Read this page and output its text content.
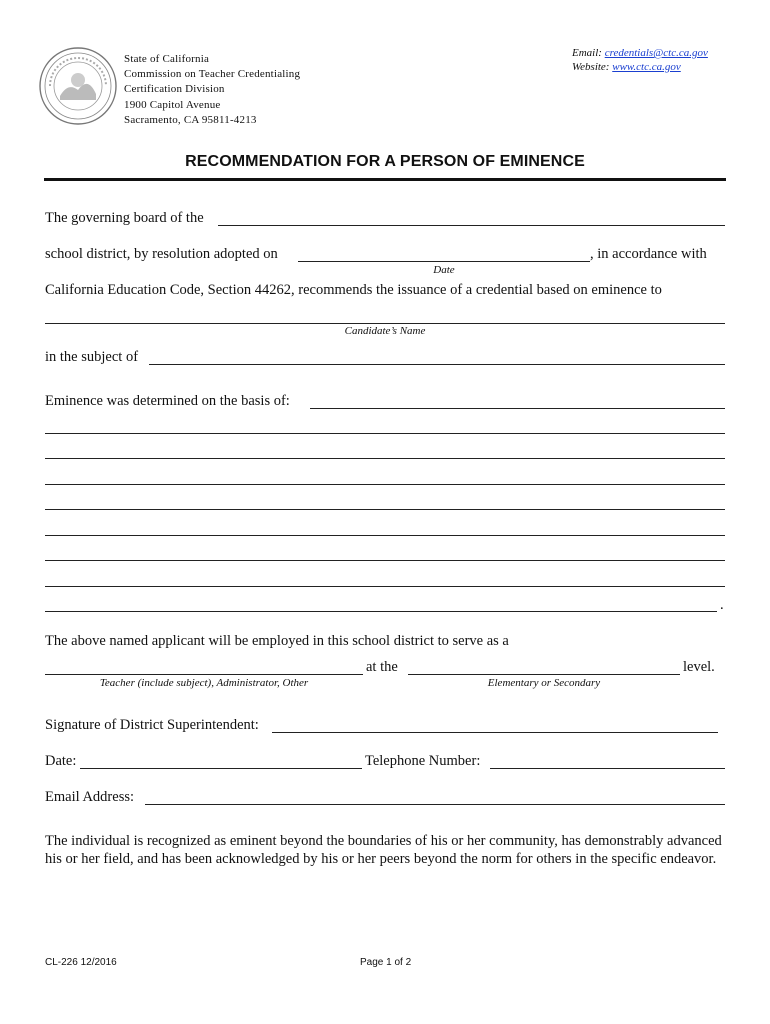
State of California
Commission on Teacher Credentialing
Certification Division
1900 Capitol Avenue
Sacramento, CA 95811-4213
Email: credentials@ctc.ca.gov
Website: www.ctc.ca.gov
RECOMMENDATION FOR A PERSON OF EMINENCE
The governing board of the
school district, by resolution adopted on	, in accordance with
Date
California Education Code, Section 44262, recommends the issuance of a credential based on eminence to
Candidate’s Name
in the subject of
Eminence was determined on the basis of:
.
The above named applicant will be employed in this school district to serve as a
at the	level.
Teacher (include subject), Administrator, Other	Elementary or Secondary
Signature of District Superintendent:
Date:	Telephone Number:
Email Address:
The individual is recognized as eminent beyond the boundaries of his or her community, has demonstrably advanced his or her field, and has been acknowledged by his or her peers beyond the norm for others in the specific endeavor.
CL-226 12/2016	Page 1 of 2
